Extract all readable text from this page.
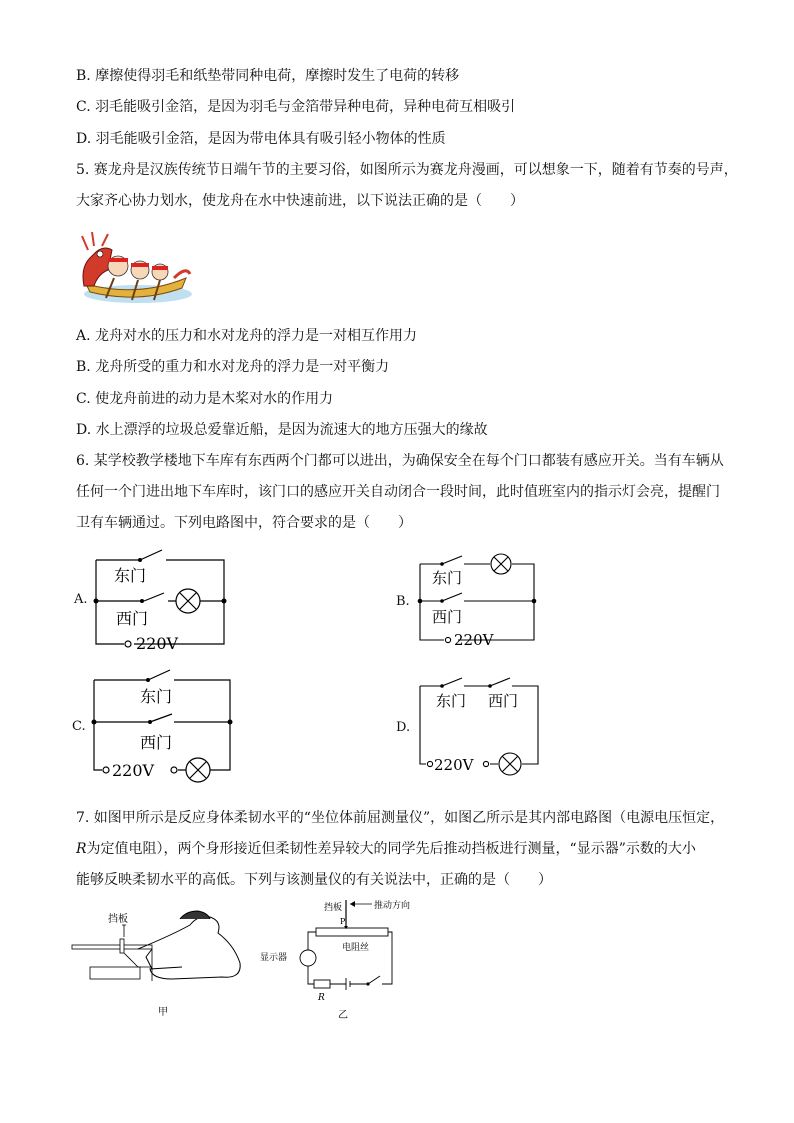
B. 摩擦使得羽毛和纸垫带同种电荷，摩擦时发生了电荷的转移
C. 羽毛能吸引金箔，是因为羽毛与金箔带异种电荷，异种电荷互相吸引
D. 羽毛能吸引金箔，是因为带电体具有吸引轻小物体的性质
5. 赛龙舟是汉族传统节日端午节的主要习俗，如图所示为赛龙舟漫画，可以想象一下，随着有节奏的号声，
大家齐心协力划水，使龙舟在水中快速前进，以下说法正确的是（　　）
A. 龙舟对水的压力和水对龙舟的浮力是一对相互作用力
B. 龙舟所受的重力和水对龙舟的浮力是一对平衡力
C. 使龙舟前进的动力是木桨对水的作用力
D. 水上漂浮的垃圾总爱靠近船，是因为流速大的地方压强大的缘故
6. 某学校教学楼地下车库有东西两个门都可以进出，为确保安全在每个门口都装有感应开关。当有车辆从
任何一个门进出地下车库时，该门口的感应开关自动闭合一段时间，此时值班室内的指示灯会亮，提醒门
卫有车辆通过。下列电路图中，符合要求的是（　　）
A.
东门
西门
220V
B.
东门
西门
220V
C.
东门
西门
220V
D.
东门 西门
220V
7. 如图甲所示是反应身体柔韧水平的“坐位体前屈测量仪”，如图乙所示是其内部电路图（电源电压恒定，
R为定值电阻），两个身形接近但柔韧性差异较大的同学先后推动挡板进行测量，“显示器”示数的大小
能够反映柔韧水平的高低。下列与该测量仪的有关说法中，正确的是（　　）
挡板
甲
挡板	推动方向
P
电阻丝
显示器
R
乙
